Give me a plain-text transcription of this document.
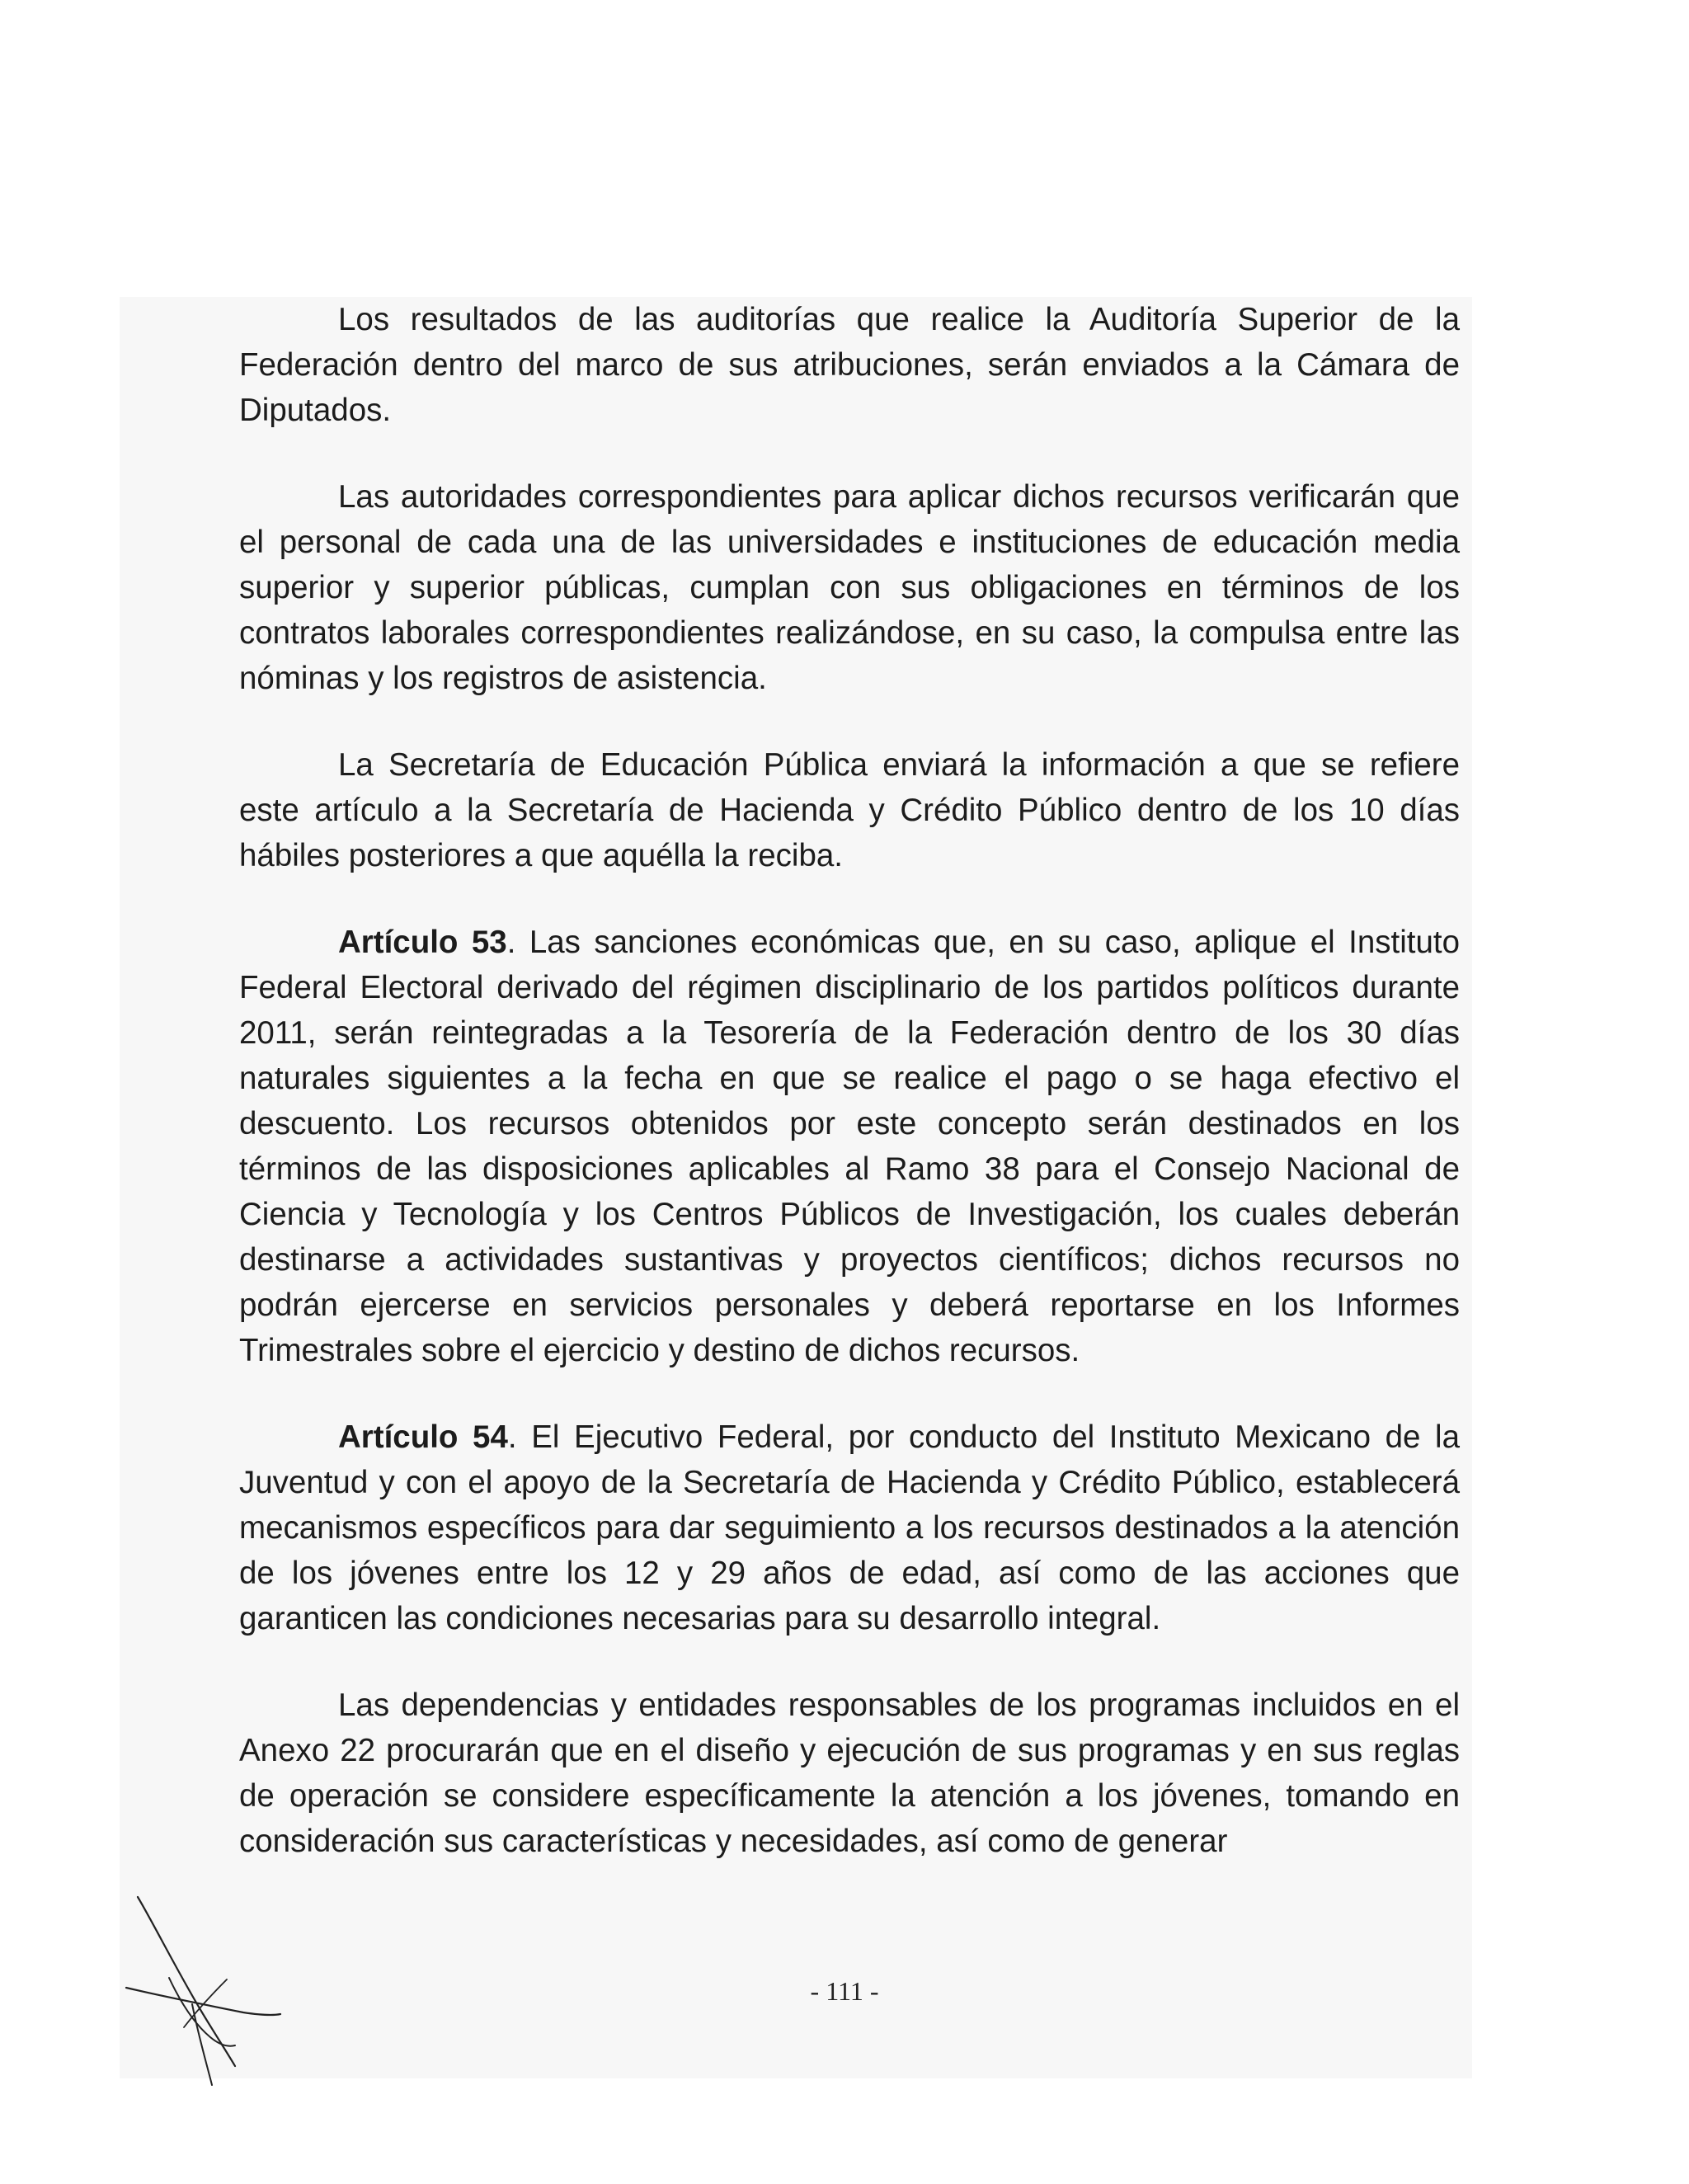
Los resultados de las auditorías que realice la Auditoría Superior de la Federación dentro del marco de sus atribuciones, serán enviados a la Cámara de Diputados.

Las autoridades correspondientes para aplicar dichos recursos verificarán que el personal de cada una de las universidades e instituciones de educación media superior y superior públicas, cumplan con sus obligaciones en términos de los contratos laborales correspondientes realizándose, en su caso, la compulsa entre las nóminas y los registros de asistencia.

La Secretaría de Educación Pública enviará la información a que se refiere este artículo a la Secretaría de Hacienda y Crédito Público dentro de los 10 días hábiles posteriores a que aquélla la reciba.

Artículo 53. Las sanciones económicas que, en su caso, aplique el Instituto Federal Electoral derivado del régimen disciplinario de los partidos políticos durante 2011, serán reintegradas a la Tesorería de la Federación dentro de los 30 días naturales siguientes a la fecha en que se realice el pago o se haga efectivo el descuento. Los recursos obtenidos por este concepto serán destinados en los términos de las disposiciones aplicables al Ramo 38 para el Consejo Nacional de Ciencia y Tecnología y los Centros Públicos de Investigación, los cuales deberán destinarse a actividades sustantivas y proyectos científicos; dichos recursos no podrán ejercerse en servicios personales y deberá reportarse en los Informes Trimestrales sobre el ejercicio y destino de dichos recursos.

Artículo 54. El Ejecutivo Federal, por conducto del Instituto Mexicano de la Juventud y con el apoyo de la Secretaría de Hacienda y Crédito Público, establecerá mecanismos específicos para dar seguimiento a los recursos destinados a la atención de los jóvenes entre los 12 y 29 años de edad, así como de las acciones que garanticen las condiciones necesarias para su desarrollo integral.

Las dependencias y entidades responsables de los programas incluidos en el Anexo 22 procurarán que en el diseño y ejecución de sus programas y en sus reglas de operación se considere específicamente la atención a los jóvenes, tomando en consideración sus características y necesidades, así como de generar

- 111 -
